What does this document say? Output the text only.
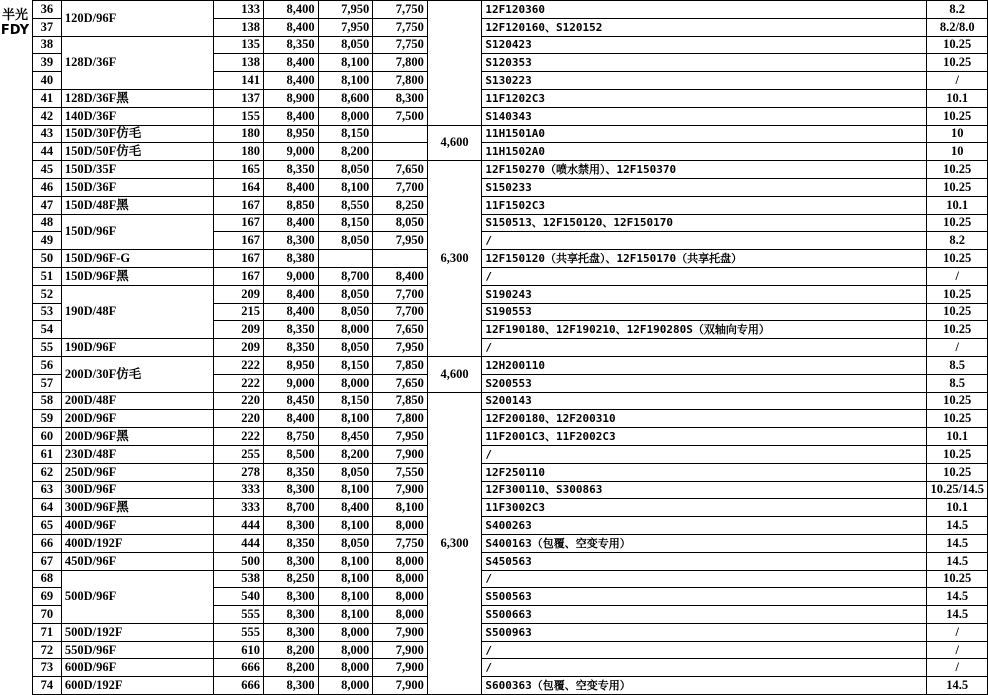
半光
FDY
36	120D/96F	133	8,400	7,950	7,750		12F120360	8.2
37		138	8,400	7,950	7,750		12F120160、S120152	8.2/8.0
38	128D/36F	135	8,350	8,050	7,750		S120423	10.25
39		138	8,400	8,100	7,800		S120353	10.25
40		141	8,400	8,100	7,800		S130223	/
41	128D/36F黑	137	8,900	8,600	8,300		11F1202C3	10.1
42	140D/36F	155	8,400	8,000	7,500		S140343	10.25
43	150D/30F仿毛	180	8,950	8,150		4,600	11H1501A0	10
44	150D/50F仿毛	180	9,000	8,200			11H1502A0	10
45	150D/35F	165	8,350	8,050	7,650	6,300	12F150270（喷水禁用）、12F150370	10.25
46	150D/36F	164	8,400	8,100	7,700		S150233	10.25
47	150D/48F黑	167	8,850	8,550	8,250		11F1502C3	10.1
48	150D/96F	167	8,400	8,150	8,050		S150513、12F150120、12F150170	10.25
49		167	8,300	8,050	7,950		/	8.2
50	150D/96F-G	167	8,380				12F150120（共享托盘）、12F150170（共享托盘）	10.25
51	150D/96F黑	167	9,000	8,700	8,400		/	/
52	190D/48F	209	8,400	8,050	7,700		S190243	10.25
53		215	8,400	8,050	7,700		S190553	10.25
54		209	8,350	8,000	7,650		12F190180、12F190210、12F190280S（双轴向专用）	10.25
55	190D/96F	209	8,350	8,050	7,950		/	/
56	200D/30F仿毛	222	8,950	8,150	7,850	4,600	12H200110	8.5
57		222	9,000	8,000	7,650		S200553	8.5
58	200D/48F	220	8,450	8,150	7,850	6,300	S200143	10.25
59	200D/96F	220	8,400	8,100	7,800		12F200180、12F200310	10.25
60	200D/96F黑	222	8,750	8,450	7,950		11F2001C3、11F2002C3	10.1
61	230D/48F	255	8,500	8,200	7,900		/	10.25
62	250D/96F	278	8,350	8,050	7,550		12F250110	10.25
63	300D/96F	333	8,300	8,100	7,900		12F300110、S300863	10.25/14.5
64	300D/96F黑	333	8,700	8,400	8,100		11F3002C3	10.1
65	400D/96F	444	8,300	8,100	8,000		S400263	14.5
66	400D/192F	444	8,350	8,050	7,750		S400163（包覆、空变专用）	14.5
67	450D/96F	500	8,300	8,100	8,000		S450563	14.5
68	500D/96F	538	8,250	8,100	8,000		/	10.25
69		540	8,300	8,100	8,000		S500563	14.5
70		555	8,300	8,100	8,000		S500663	14.5
71	500D/192F	555	8,300	8,000	7,900		S500963	/
72	550D/96F	610	8,200	8,000	7,900		/	/
73	600D/96F	666	8,200	8,000	7,900		/	/
74	600D/192F	666	8,300	8,000	7,900		S600363（包覆、空变专用）	14.5
